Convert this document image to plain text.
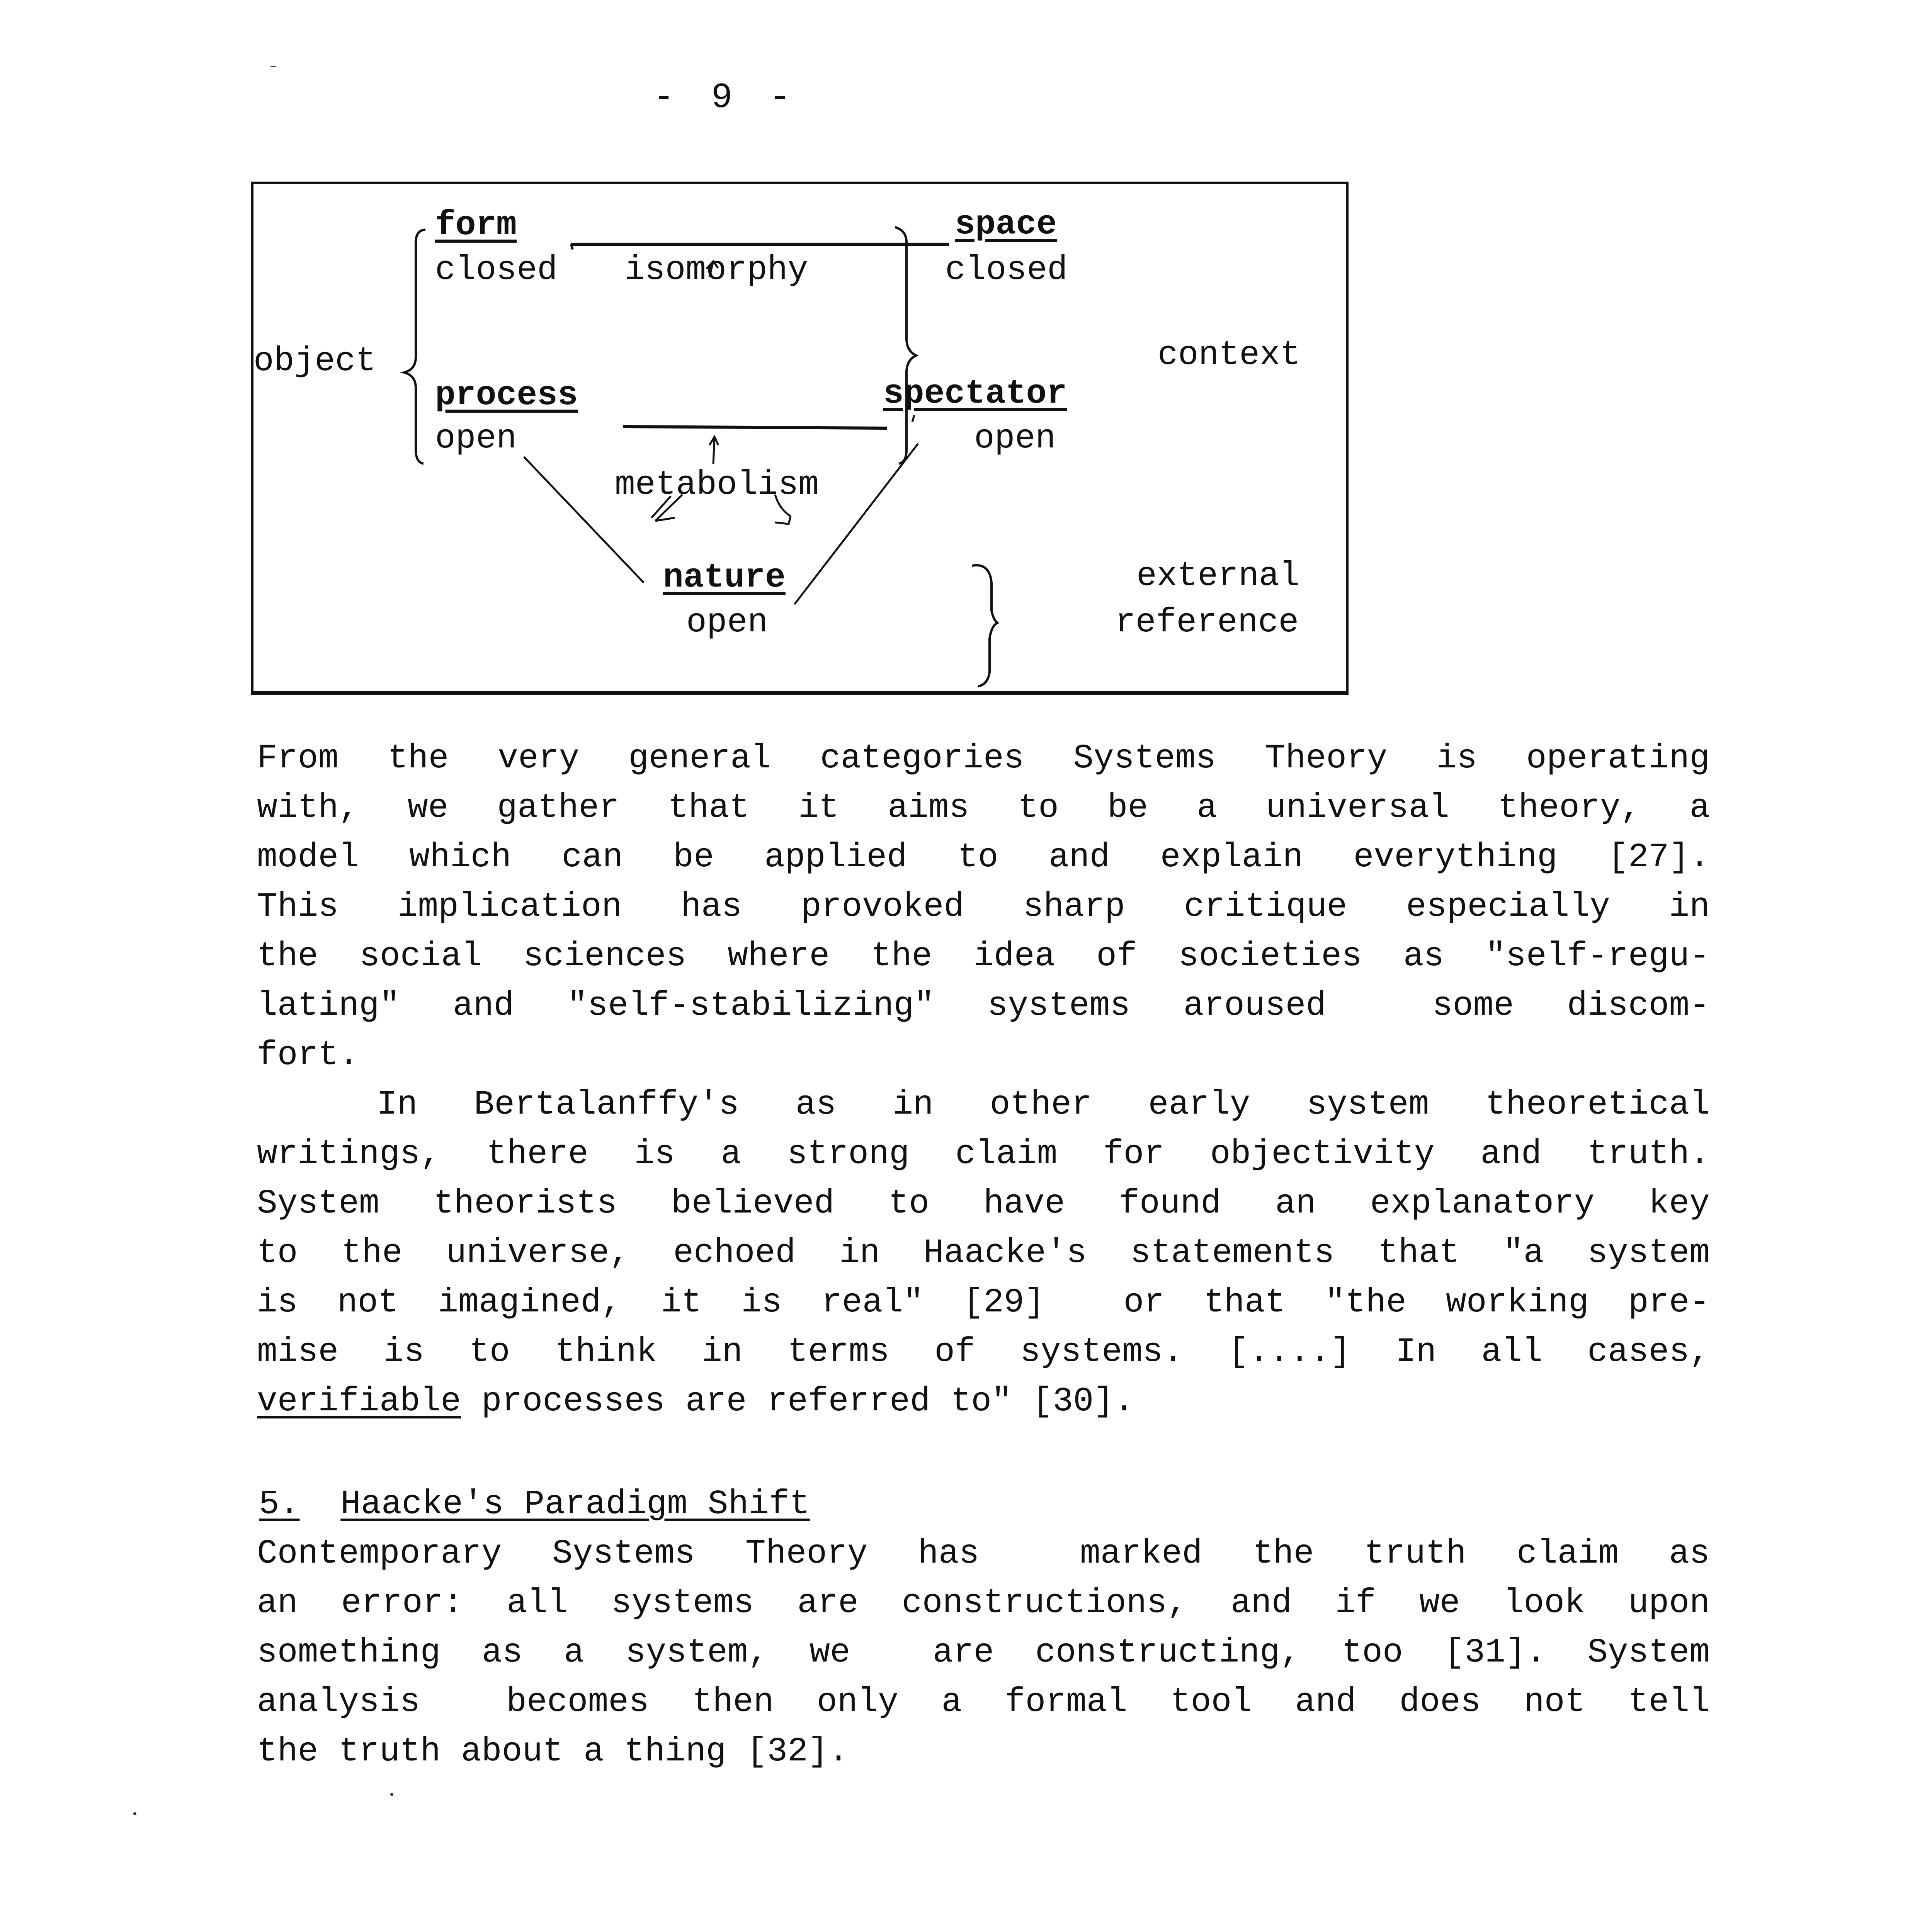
- 9 -
object	context
form
closed isomorphy
space
closed
process
open
spectator
open
metabolism
nature
open
external
reference
From the very general categories Systems Theory is operating
with, we gather that it aims to be a universal theory, a
model which can be applied to and explain everything [27].
This implication has provoked sharp critique especially in
the social sciences where the idea of societies as "self-regu-
lating" and "self-stabilizing" systems aroused  some discom-
fort.
In Bertalanffy's as in other early system theoretical
writings, there is a strong claim for objectivity and truth.
System theorists believed to have found an explanatory key
to the universe, echoed in Haacke's statements that "a system
is not imagined, it is real" [29]  or that "the working pre-
mise is to think in terms of systems. [....] In all cases,
verifiable processes are referred to" [30].
5. Haacke's Paradigm Shift
Contemporary Systems Theory has  marked the truth claim as
an error: all systems are constructions, and if we look upon
something as a system, we  are constructing, too [31]. System
analysis  becomes then only a formal tool and does not tell
the truth about a thing [32].
